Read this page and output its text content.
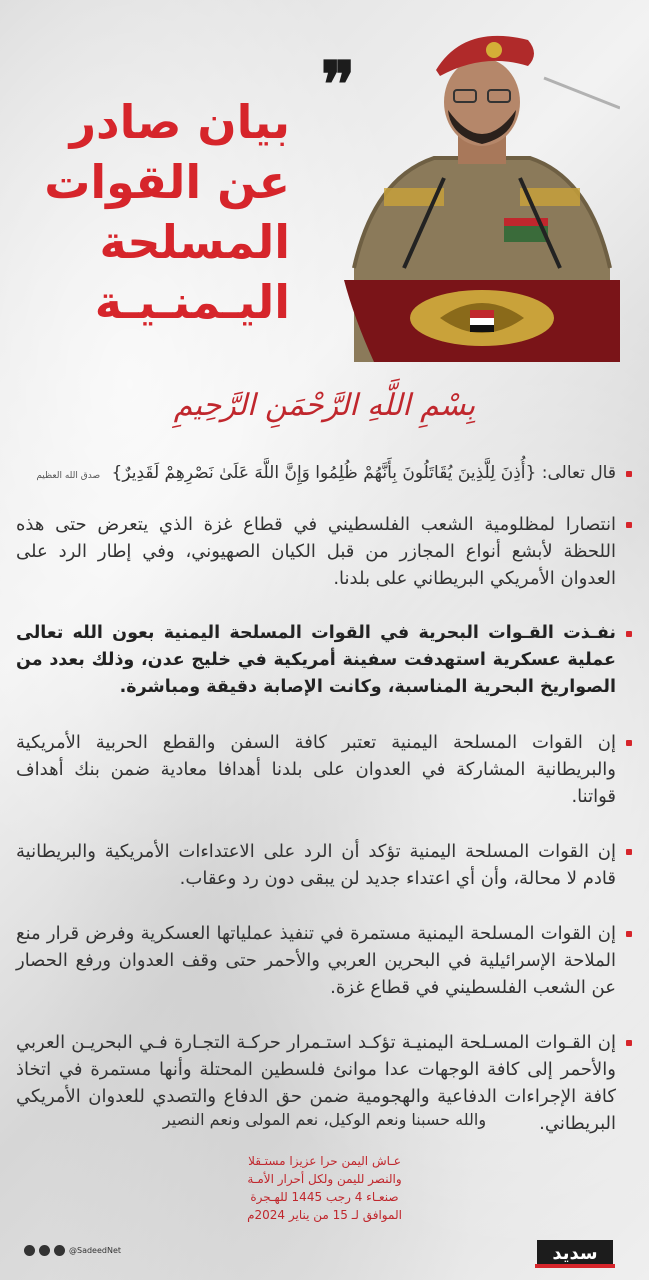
❞
بيان صادر
عن القوات
المسلحة
اليـمنـيـة
بِسْمِ اللَّهِ الرَّحْمَنِ الرَّحِيمِ
قال تعالى: {أُذِنَ لِلَّذِينَ يُقَاتَلُونَ بِأَنَّهُمْ ظُلِمُوا وَإِنَّ اللَّهَ عَلَىٰ نَصْرِهِمْ لَقَدِيرٌ} صدق الله العظيم
انتصارا لمظلومية الشعب الفلسطيني في قطاع غزة الذي يتعرض حتى هذه اللحظة لأبشع أنواع المجازر من قبل الكيان الصهيوني، وفي إطار الرد على العدوان الأمريكي البريطاني على بلدنا.
نفـذت القـوات البحرية في القوات المسلحة اليمنية بعون الله تعالى عملية عسكرية استهدفت سفينة أمريكية في خليج عدن، وذلك بعدد من الصواريخ البحرية المناسبة، وكانت الإصابة دقيقة ومباشرة.
إن القوات المسلحة اليمنية تعتبر كافة السفن والقطع الحربية الأمريكية والبريطانية المشاركة في العدوان على بلدنا أهدافا معادية ضمن بنك أهداف قواتنا.
إن القوات المسلحة اليمنية تؤكد أن الرد على الاعتداءات الأمريكية والبريطانية قادم لا محالة، وأن أي اعتداء جديد لن يبقى دون رد وعقاب.
إن القوات المسلحة اليمنية مستمرة في تنفيذ عملياتها العسكرية وفرض قرار منع الملاحة الإسرائيلية في البحرين العربي والأحمر حتى وقف العدوان ورفع الحصار عن الشعب الفلسطيني في قطاع غزة.
إن القـوات المسـلحة اليمنيـة تؤكـد استـمرار حركـة التجـارة فـي البحريـن العربي والأحمر إلى كافة الوجهات عدا موانئ فلسطين المحتلة وأنها مستمرة في اتخاذ كافة الإجراءات الدفاعية والهجومية ضمن حق الدفاع والتصدي للعدوان الأمريكي البريطاني.
والله حسبنا ونعم الوكيل، نعم المولى ونعم النصير
عـاش اليمن حرا عزيزا مستـقلا
والنصر لليمن ولكل أحرار الأمـة
صنعـاء 4 رجب 1445 للهـجرة
الموافق لـ 15 من يناير 2024م
@SadeedNet	سديد
